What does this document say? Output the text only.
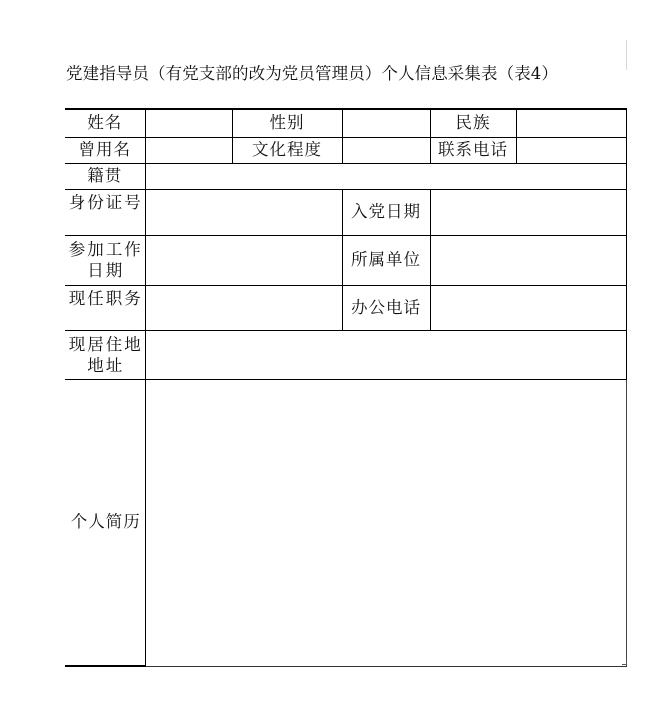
党建指导员（有党支部的改为党员管理员）个人信息采集表（表4）
姓名		性别		民族	
曾用名		文化程度		联系电话	
籍贯					

身份证号			入党日期		
参加工作日期			所属单位		

现任职务			办公电话		
现居住地地址					
个人简历					
